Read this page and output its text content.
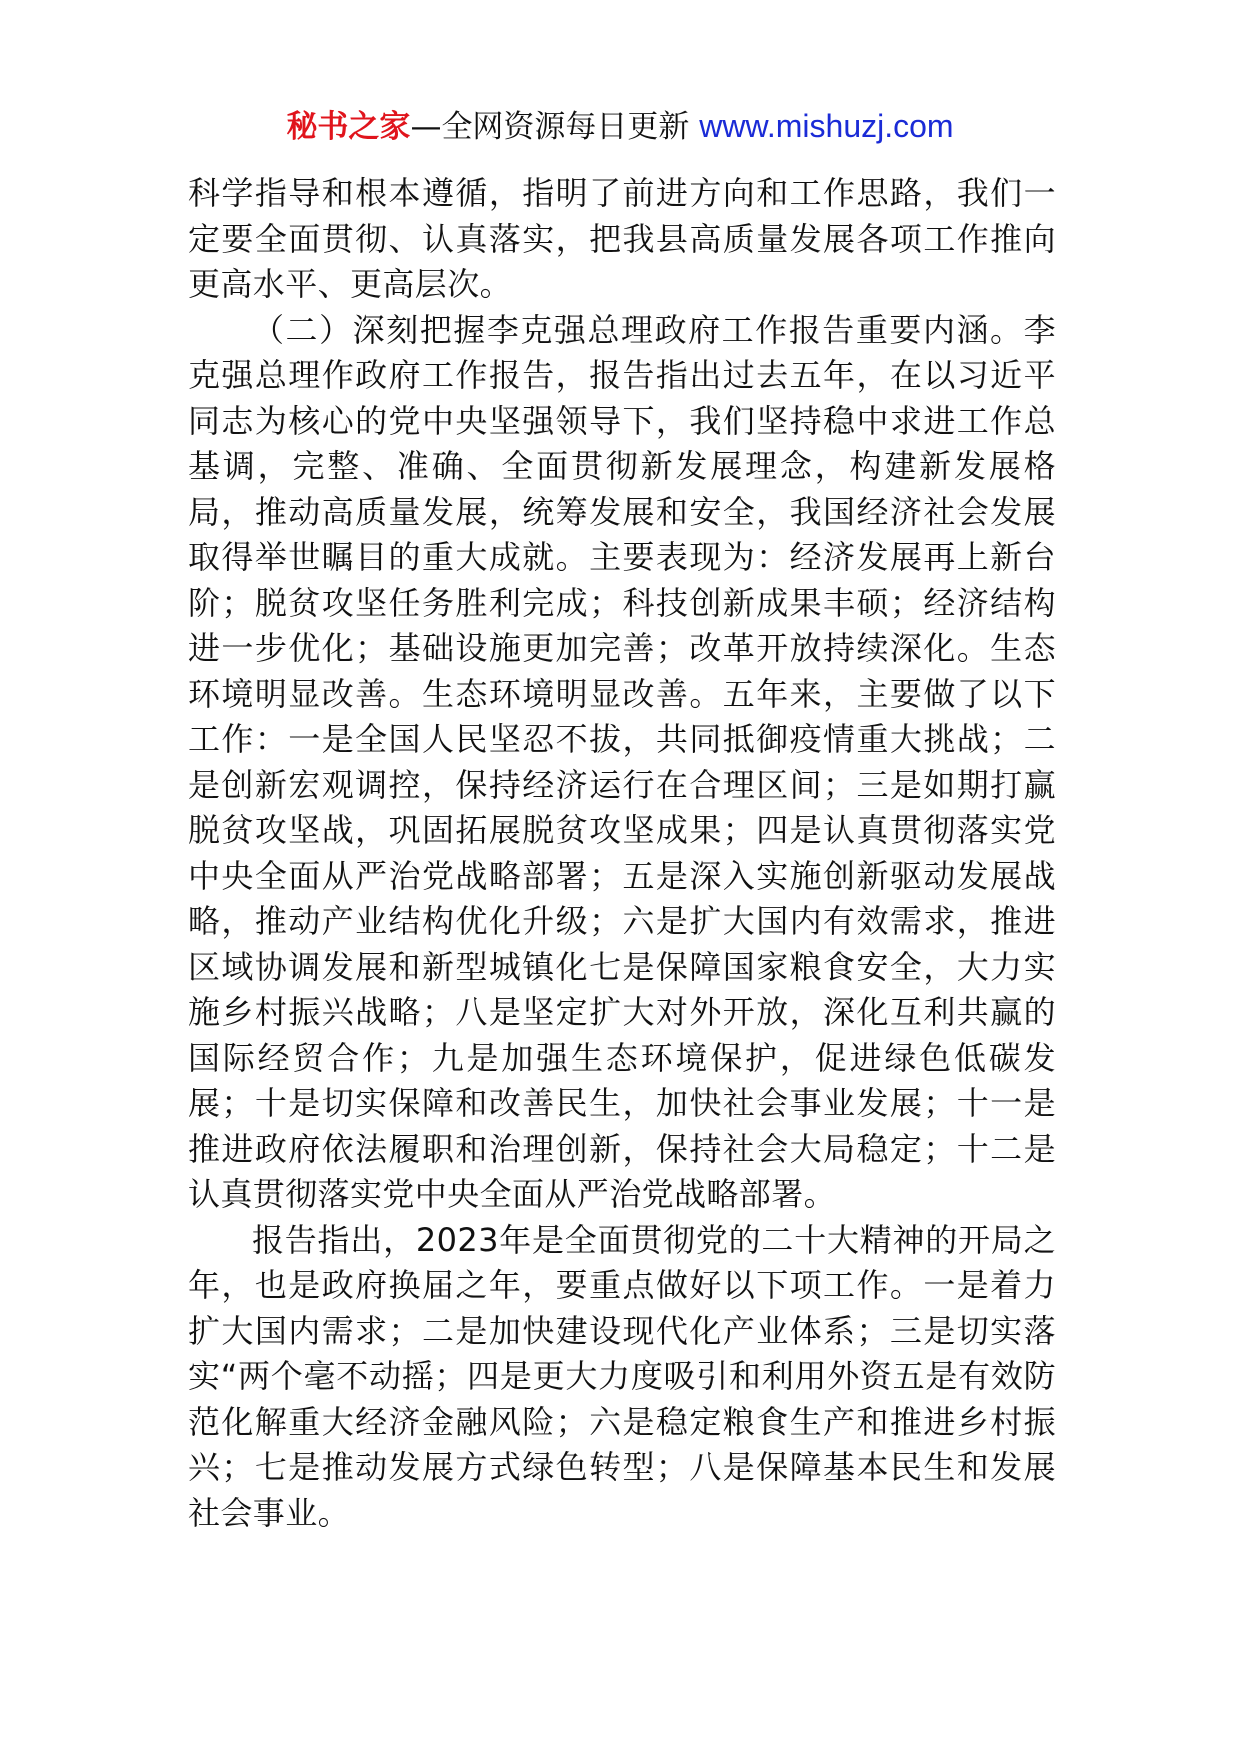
秘书之家—全网资源每日更新 www.mishuzj.com

科学指导和根本遵循，指明了前进方向和工作思路，我们一定要全面贯彻、认真落实，把我县高质量发展各项工作推向更高水平、更高层次。

（二）深刻把握李克强总理政府工作报告重要内涵。李克强总理作政府工作报告，报告指出过去五年，在以习近平同志为核心的党中央坚强领导下，我们坚持稳中求进工作总基调，完整、准确、全面贯彻新发展理念，构建新发展格局，推动高质量发展，统筹发展和安全，我国经济社会发展取得举世瞩目的重大成就。主要表现为：经济发展再上新台阶；脱贫攻坚任务胜利完成；科技创新成果丰硕；经济结构进一步优化；基础设施更加完善；改革开放持续深化。生态环境明显改善。生态环境明显改善。五年来，主要做了以下工作：一是全国人民坚忍不拔，共同抵御疫情重大挑战；二是创新宏观调控，保持经济运行在合理区间；三是如期打赢脱贫攻坚战，巩固拓展脱贫攻坚成果；四是认真贯彻落实党中央全面从严治党战略部署；五是深入实施创新驱动发展战略，推动产业结构优化升级；六是扩大国内有效需求，推进区域协调发展和新型城镇化七是保障国家粮食安全，大力实施乡村振兴战略；八是坚定扩大对外开放，深化互利共赢的国际经贸合作；九是加强生态环境保护，促进绿色低碳发展；十是切实保障和改善民生，加快社会事业发展；十一是推进政府依法履职和治理创新，保持社会大局稳定；十二是认真贯彻落实党中央全面从严治党战略部署。

报告指出，2023年是全面贯彻党的二十大精神的开局之年，也是政府换届之年，要重点做好以下项工作。一是着力扩大国内需求；二是加快建设现代化产业体系；三是切实落实“两个毫不动摇；四是更大力度吸引和利用外资五是有效防范化解重大经济金融风险；六是稳定粮食生产和推进乡村振兴；七是推动发展方式绿色转型；八是保障基本民生和发展社会事业。
